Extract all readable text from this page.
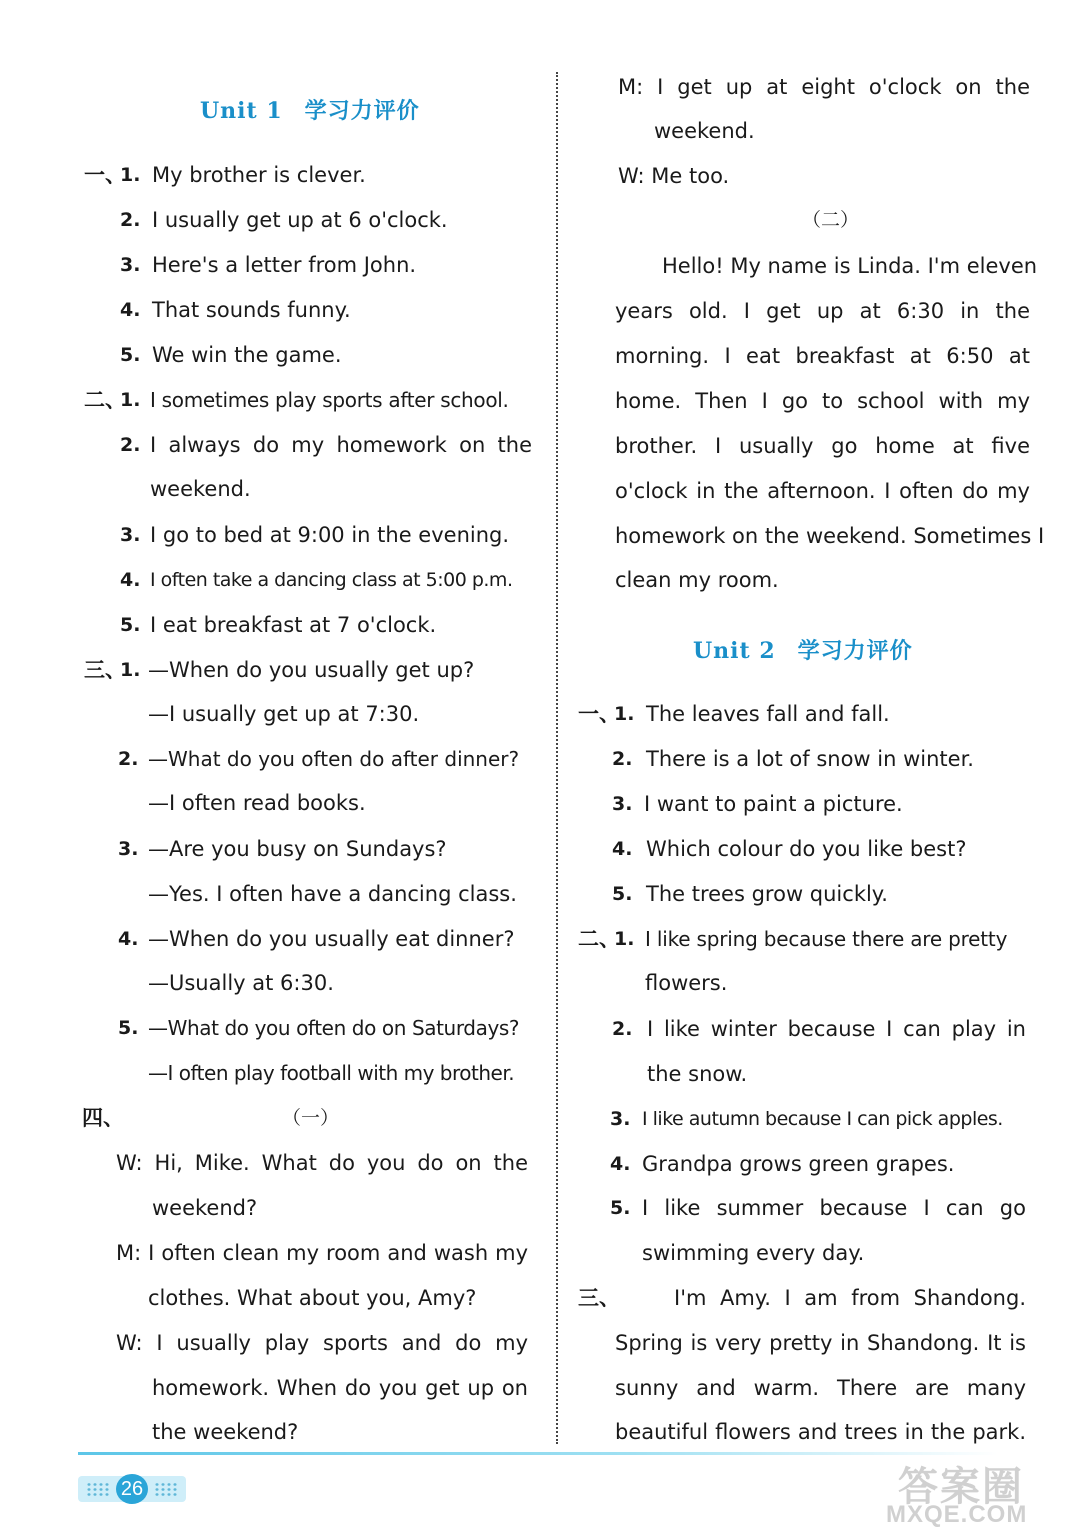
Unit 1 学习力评价
一、
1. My brother is clever.
2. I usually get up at 6 o'clock.
3. Here's a letter from John.
4. That sounds funny.
5. We win the game.
二、
1. I sometimes play sports after school.
2. I always do my homework on the
weekend.
3. I go to bed at 9:00 in the evening.
4. I often take a dancing class at 5:00 p.m.
5. I eat breakfast at 7 o'clock.
三、
1. —When do you usually get up?
—I usually get up at 7:30.
2. —What do you often do after dinner?
—I often read books.
3. —Are you busy on Sundays?
—Yes. I often have a dancing class.
4. —When do you usually eat dinner?
—Usually at 6:30.
5. —What do you often do on Saturdays?
—I often play football with my brother.
四、	（一）
W: Hi, Mike. What do you do on the
weekend?
M: I often clean my room and wash my
clothes. What about you, Amy?
W: I usually play sports and do my
homework. When do you get up on
the weekend?
M: I get up at eight o'clock on the
weekend.
W: Me too.
（二）
Hello! My name is Linda. I'm eleven
years old. I get up at 6:30 in the
morning. I eat breakfast at 6:50 at
home. Then I go to school with my
brother. I usually go home at five
o'clock in the afternoon. I often do my
homework on the weekend. Sometimes I
clean my room.
Unit 2 学习力评价
一、
1. The leaves fall and fall.
2. There is a lot of snow in winter.
3. I want to paint a picture.
4. Which colour do you like best?
5. The trees grow quickly.
二、
1. I like spring because there are pretty
flowers.
2. I like winter because I can play in
the snow.
3. I like autumn because I can pick apples.
4. Grandpa grows green grapes.
5. I like summer because I can go
swimming every day.
三、	I'm Amy. I am from Shandong.
Spring is very pretty in Shandong. It is
sunny and warm. There are many
beautiful flowers and trees in the park.
26	答案圈
MXQE.COM
